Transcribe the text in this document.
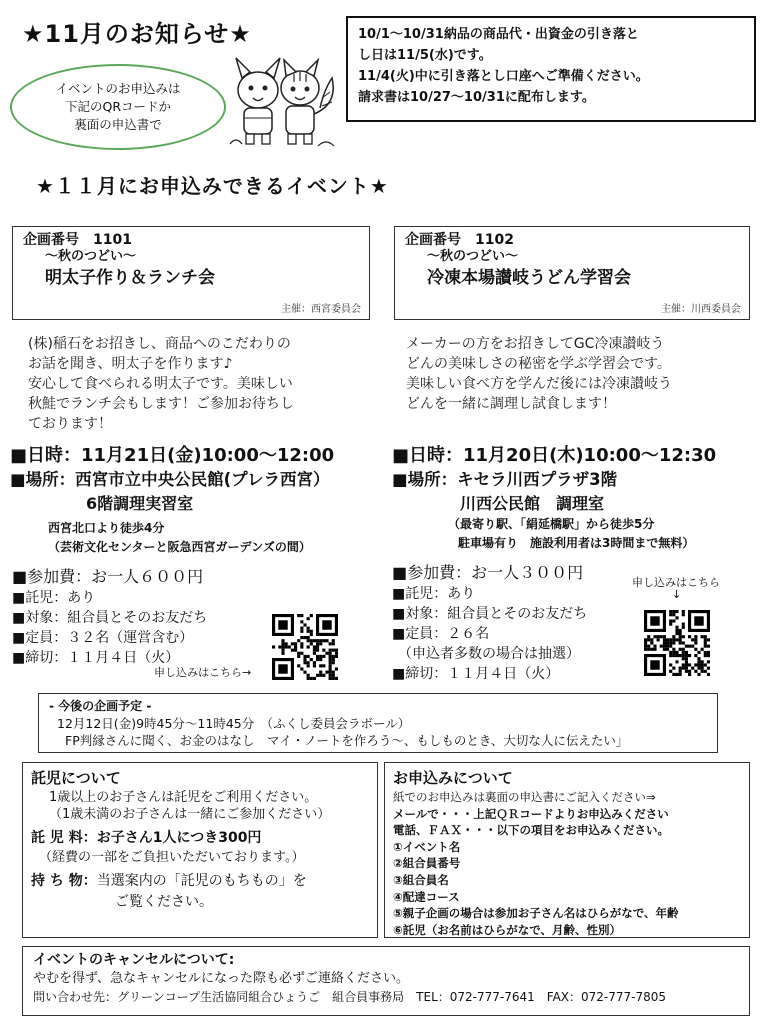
★11月のお知らせ★
イベントのお申込みは
下記のQRコードか
裏面の申込書で
10/1～10/31納品の商品代・出資金の引き落と
し日は11/5(水)です。
11/4(火)中に引き落とし口座へご準備ください。
請求書は10/27～10/31に配布します。
★１１月にお申込みできるイベント★
企画番号　1101
～秋のつどい～
明太子作り＆ランチ会
主催：西宮委員会
企画番号　1102
～秋のつどい～
冷凍本場讃岐うどん学習会
主催：川西委員会
(株)稲石をお招きし、商品へのこだわりの
お話を聞き、明太子を作ります♪
安心して食べられる明太子です。美味しい
秋鮭でランチ会もします！ご参加お待ちし
ております！
メーカーの方をお招きしてGC冷凍讃岐う
どんの美味しさの秘密を学ぶ学習会です。
美味しい食べ方を学んだ後には冷凍讃岐う
どんを一緒に調理し試食します！
■日時：11月21日(金)10:00～12:00
■場所：西宮市立中央公民館(プレラ西宮）
6階調理実習室
西宮北口より徒歩4分
（芸術文化センターと阪急西宮ガーデンズの間）
■参加費：お一人６００円
■託児：あり
■対象：組合員とそのお友だち
■定員：３２名（運営含む）
■締切：１１月４日（火）
申し込みはこちら→
■日時：11月20日(木)10:00～12:30
■場所：キセラ川西プラザ3階
川西公民館　調理室
（最寄り駅、「絹延橋駅」から徒歩5分
駐車場有り　施設利用者は3時間まで無料）
■参加費：お一人３００円
■託児：あり
■対象：組合員とそのお友だち
■定員：２６名
（申込者多数の場合は抽選）
■締切：１１月４日（火）
申し込みはこちら
↓
- 今後の企画予定 -
12月12日(金)9時45分～11時45分　（ふくし委員会ラボール）
FP判縁さんに聞く、お金のはなし　マイ・ノートを作ろう～、もしものとき、大切な人に伝えたい」
託児について
1歳以上のお子さんは託児をご利用ください。
（1歳未満のお子さんは一緒にご参加ください）
託 児 料：お子さん1人につき300円
（経費の一部をご負担いただいております。）
持 ち 物：当選案内の「託児のもちもの」を
ご覧ください。
お申込みについて
紙でのお申込みは裏面の申込書にご記入ください⇒
メールで・・・上記ＱＲコードよりお申込みください
電話、ＦＡＸ・・・以下の項目をお申込みください。
①イベント名
②組合員番号
③組合員名
④配達コース
⑤親子企画の場合は参加お子さん名はひらがなで、年齢
⑥託児（お名前はひらがなで、月齢、性別）
イベントのキャンセルについて:
やむを得ず、急なキャンセルになった際も必ずご連絡ください。
問い合わせ先：グリーンコープ生活協同組合ひょうご　組合員事務局　TEL：072-777-7641　FAX：072-777-7805
